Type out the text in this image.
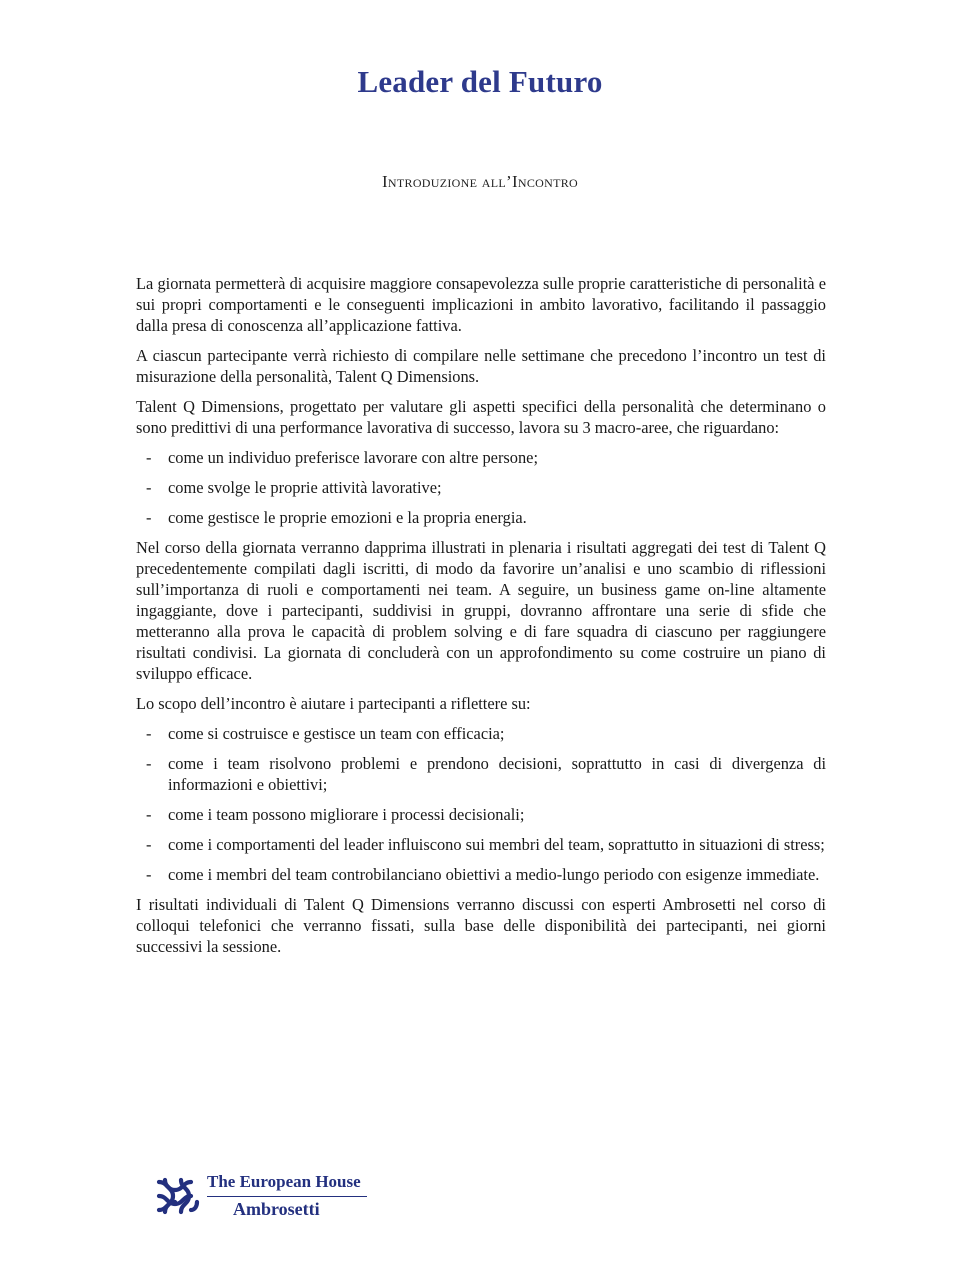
Leader del Futuro
Introduzione all’Incontro

La giornata permetterà di acquisire maggiore consapevolezza sulle proprie caratteristiche di personalità e sui propri comportamenti e le conseguenti implicazioni in ambito lavorativo, facilitando il passaggio dalla presa di conoscenza all’applicazione fattiva.

A ciascun partecipante verrà richiesto di compilare nelle settimane che precedono l’incontro un test di misurazione della personalità, Talent Q Dimensions.

Talent Q Dimensions, progettato per valutare gli aspetti specifici della personalità che determinano o sono predittivi di una performance lavorativa di successo, lavora su 3 macro-aree, che riguardano:

- come un individuo preferisce lavorare con altre persone;
- come svolge le proprie attività lavorative;
- come gestisce le proprie emozioni e la propria energia.

Nel corso della giornata verranno dapprima illustrati in plenaria i risultati aggregati dei test di Talent Q precedentemente compilati dagli iscritti, di modo da favorire un’analisi e uno scambio di riflessioni sull’importanza di ruoli e comportamenti nei team. A seguire, un business game on-line altamente ingaggiante, dove i partecipanti, suddivisi in gruppi, dovranno affrontare una serie di sfide che metteranno alla prova le capacità di problem solving e di fare squadra di ciascuno per raggiungere risultati condivisi. La giornata di concluderà con un approfondimento su come costruire un piano di sviluppo efficace.

Lo scopo dell’incontro è aiutare i partecipanti a riflettere su:

- come si costruisce e gestisce un team con efficacia;
- come i team risolvono problemi e prendono decisioni, soprattutto in casi di divergenza di informazioni e obiettivi;
- come i team possono migliorare i processi decisionali;
- come i comportamenti del leader influiscono sui membri del team, soprattutto in situazioni di stress;
- come i membri del team controbilanciano obiettivi a medio-lungo periodo con esigenze immediate.

I risultati individuali di Talent Q Dimensions verranno discussi con esperti Ambrosetti nel corso di colloqui telefonici che verranno fissati, sulla base delle disponibilità dei partecipanti, nei giorni successivi la sessione.

The European House
Ambrosetti
